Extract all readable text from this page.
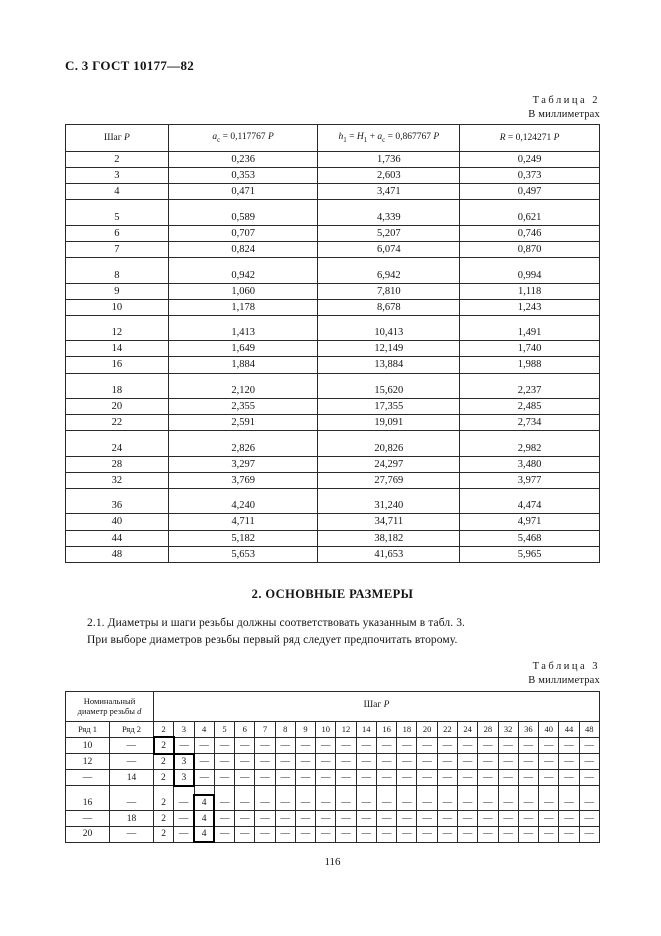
С. 3 ГОСТ 10177—82
Таблица 2
В миллиметрах
Шаг P	$a_с = 0,117767$ P	$h_1 = H_1 + a_с = 0,867767$ P	R = 0,124271 P
2	0,236	1,736	0,249
3	0,353	2,603	0,373
4	0,471	3,471	0,497

5	0,589	4,339	0,621
6	0,707	5,207	0,746
7	0,824	6,074	0,870

8	0,942	6,942	0,994
9	1,060	7,810	1,118
10	1,178	8,678	1,243

12	1,413	10,413	1,491
14	1,649	12,149	1,740
16	1,884	13,884	1,988

18	2,120	15,620	2,237
20	2,355	17,355	2,485
22	2,591	19,091	2,734

24	2,826	20,826	2,982
28	3,297	24,297	3,480
32	3,769	27,769	3,977

36	4,240	31,240	4,474
40	4,711	34,711	4,971
44	5,182	38,182	5,468
48	5,653	41,653	5,965
2. ОСНОВНЫЕ РАЗМЕРЫ
2.1. Диаметры и шаги резьбы должны соответствовать указанным в табл. 3.
При выборе диаметров резьбы первый ряд следует предпочитать второму.
Таблица 3
В миллиметрах
Номинальный
диаметр резьбы d		Шаг P																					
Ряд 1	Ряд 2	2	3	4	5	6	7	8	9	10	12	14	16	18	20	22	24	28	32	36	40	44	48
10	—	2	—	—	—	—	—	—	—	—	—	—	—	—	—	—	—	—	—	—	—	—	—
12	—	2	3	—	—	—	—	—	—	—	—	—	—	—	—	—	—	—	—	—	—	—	—
—	14	2	3	—	—	—	—	—	—	—	—	—	—	—	—	—	—	—	—	—	—	—	—

16	—	2	—	4	—	—	—	—	—	—	—	—	—	—	—	—	—	—	—	—	—	—	—
—	18	2	—	4	—	—	—	—	—	—	—	—	—	—	—	—	—	—	—	—	—	—	—
20	—	2	—	4	—	—	—	—	—	—	—	—	—	—	—	—	—	—	—	—	—	—	—
116
